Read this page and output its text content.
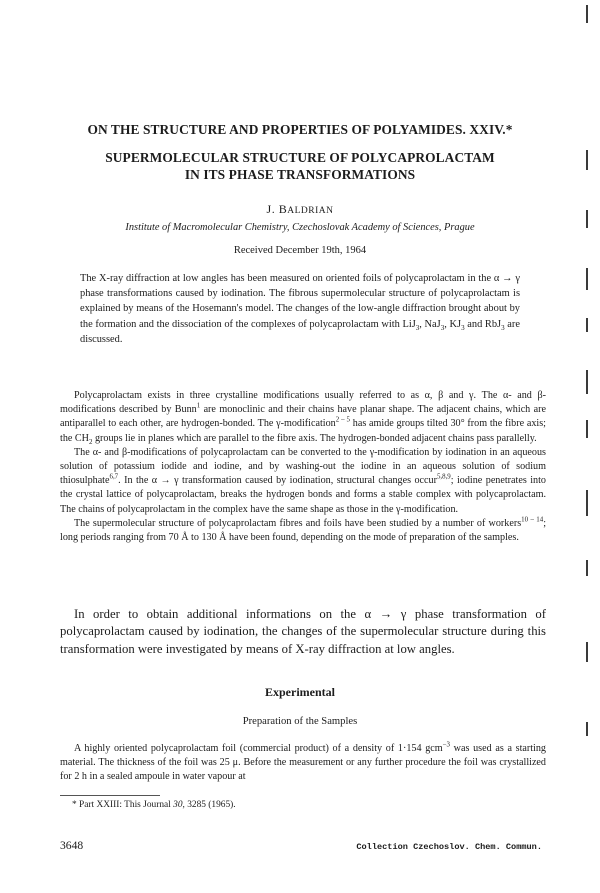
ON THE STRUCTURE AND PROPERTIES OF POLYAMIDES. XXIV.*
SUPERMOLECULAR STRUCTURE OF POLYCAPROLACTAM
IN ITS PHASE TRANSFORMATIONS
J. BALDRIAN
Institute of Macromolecular Chemistry, Czechoslovak Academy of Sciences, Prague
Received December 19th, 1964

The X-ray diffraction at low angles has been measured on oriented foils of polycaprolactam in the α → γ phase transformations caused by iodination. The fibrous supermolecular structure of polycaprolactam is explained by means of the Hosemann's model. The changes of the low-angle diffraction brought about by the formation and the dissociation of the complexes of polycaprolactam with LiJ$_3$, NaJ$_3$, $KJ_3$ and RbJ$_3$ are discussed.

Polycaprolactam exists in three crystalline modifications usually referred to as α, β and γ. The α- and β-modifications described by Bunn$^1$ are monoclinic and their chains have planar shape. The adjacent chains, which are antiparallel to each other, are hydrogen-bonded. The γ-modification$^{2 - 5}$ has amide groups tilted 30° from the fibre axis; the $CH_2$ groups lie in planes which are parallel to the fibre axis. The hydrogen-bonded adjacent chains pass parallelly.

The α- and β-modifications of polycaprolactam can be converted to the γ-modification by iodination in an aqueous solution of potassium iodide and iodine, and by washing-out the iodine in an aqueous solution of sodium thiosulphate$^{6,7}$. In the α → γ transformation caused by iodination, structural changes occur$^{5,8,9}$; iodine penetrates into the crystal lattice of polycaprolactam, breaks the hydrogen bonds and forms a stable complex with polycaprolactam. The chains of polycaprolactam in the complex have the same shape as those in the γ-modification.

The supermolecular structure of polycaprolactam fibres and foils have been studied by a number of workers$^{10 - 14}$; long periods ranging from 70 Å to 130 Å have been found, depending on the mode of preparation of the samples.

In order to obtain additional informations on the α → γ phase transformation of polycaprolactam caused by iodination, the changes of the supermolecular structure during this transformation were investigated by means of X-ray diffraction at low angles.

Experimental
Preparation of the Samples

A highly oriented polycaprolactam foil (commercial product) of a density of 1·154 gcm$^{-3}$ was used as a starting material. The thickness of the foil was 25 μ. Before the measurement or any further procedure the foil was crystallized for 2 h in a sealed ampoule in water vapour at

* Part XXIII: This Journal 30, 3285 (1965).
3648	Collection Czechoslov. Chem. Commun.
